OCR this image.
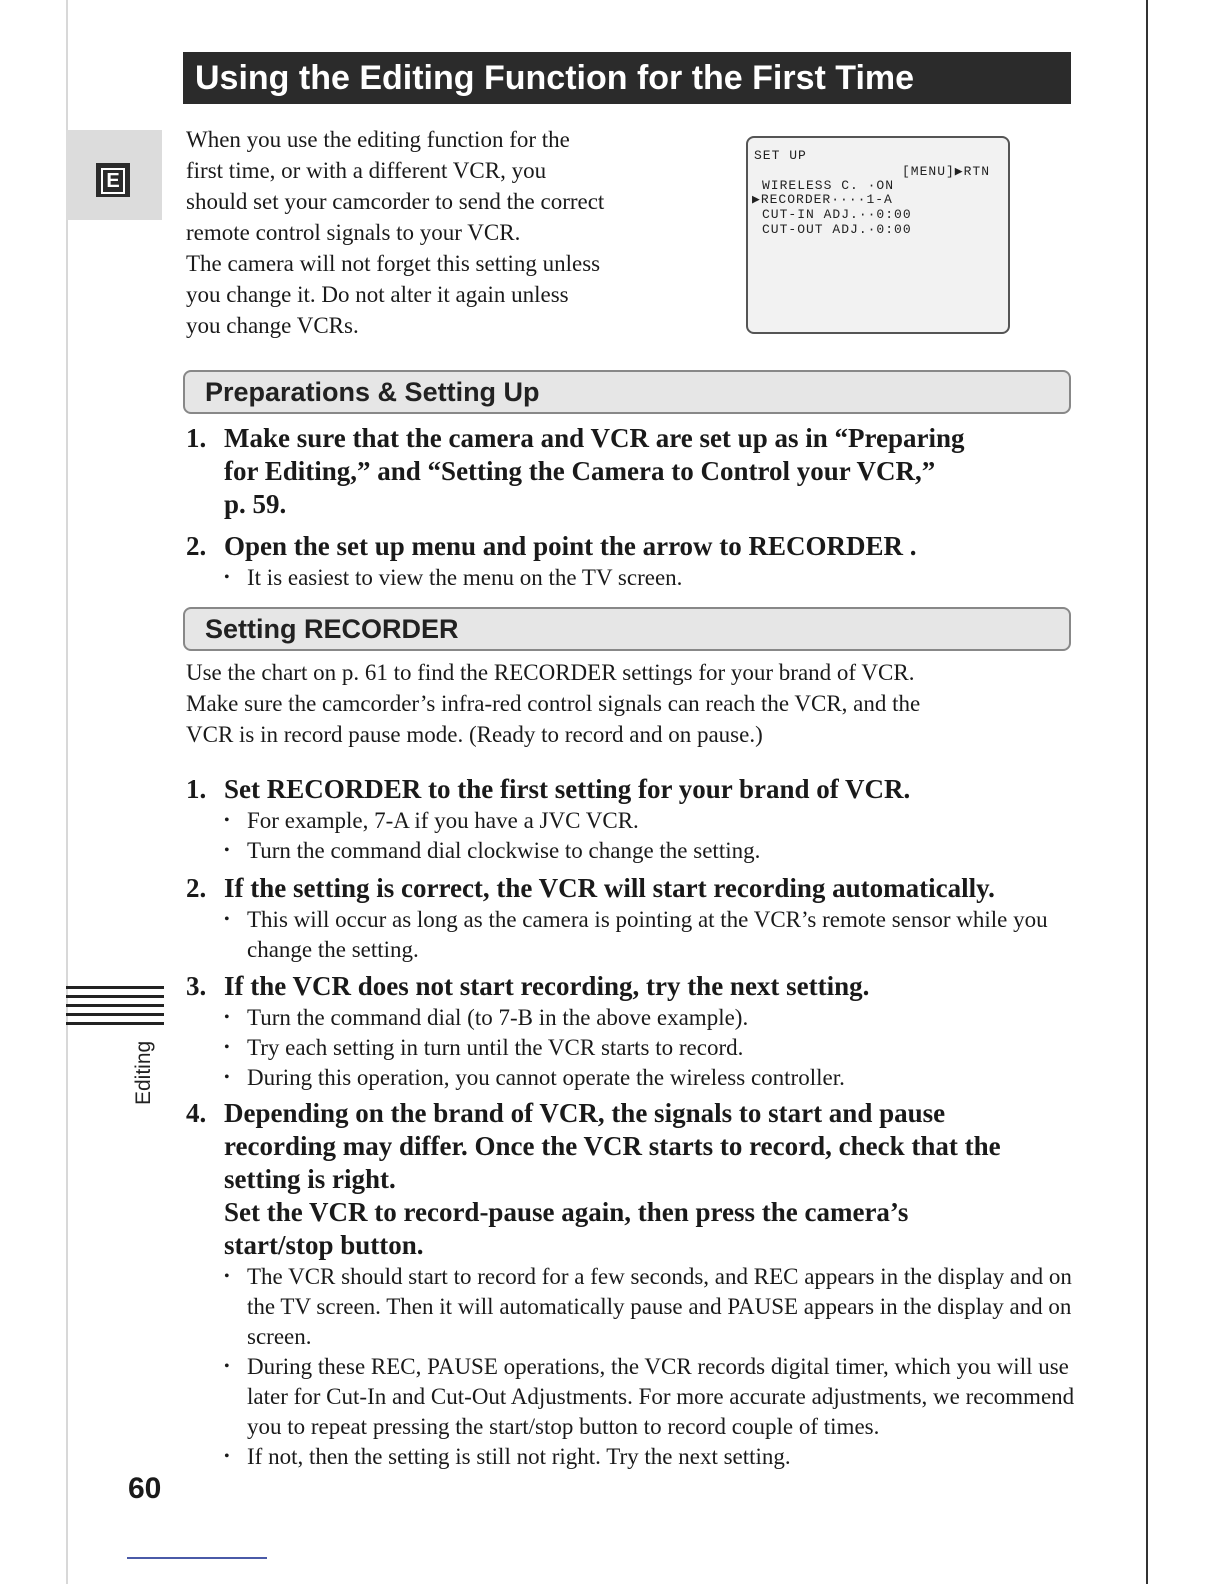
Using the Editing Function for the First Time
E

When you use the editing function for the

first time, or with a different VCR, you

should set your camcorder to send the correct

remote control signals to your VCR.

The camera will not forget this setting unless

you change it. Do not alter it again unless

you change VCRs.

SET UP
[MENU]▶RTN
WIRELESS C. ·ON
▶RECORDER····1-A
CUT-IN ADJ.··0:00
CUT-OUT ADJ.·0:00
Preparations & Setting Up
1. Make sure that the camera and VCR are set up as in “Preparing
for Editing,” and “Setting the Camera to Control your VCR,”
p. 59.
2. Open the set up menu and point the arrow to RECORDER .
• It is easiest to view the menu on the TV screen.
Setting RECORDER

Use the chart on p. 61 to find the RECORDER settings for your brand of VCR.

Make sure the camcorder’s infra-red control signals can reach the VCR, and the

VCR is in record pause mode. (Ready to record and on pause.)

1. Set RECORDER to the first setting for your brand of VCR.
• For example, 7-A if you have a JVC VCR.
• Turn the command dial clockwise to change the setting.
2. If the setting is correct, the VCR will start recording automatically.
• This will occur as long as the camera is pointing at the VCR’s remote sensor while you change the setting.
3. If the VCR does not start recording, try the next setting.
• Turn the command dial (to 7-B in the above example).
• Try each setting in turn until the VCR starts to record.
• During this operation, you cannot operate the wireless controller.
4. Depending on the brand of VCR, the signals to start and pause
recording may differ. Once the VCR starts to record, check that the
setting is right.
Set the VCR to record-pause again, then press the camera’s
start/stop button.
• The VCR should start to record for a few seconds, and REC appears in the display and on the TV screen. Then it will automatically pause and PAUSE appears in the display and on screen.
• During these REC, PAUSE operations, the VCR records digital timer, which you will use later for Cut-In and Cut-Out Adjustments. For more accurate adjustments, we recommend you to repeat pressing the start/stop button to record couple of times.
• If not, then the setting is still not right. Try the next setting.
Editing
60
